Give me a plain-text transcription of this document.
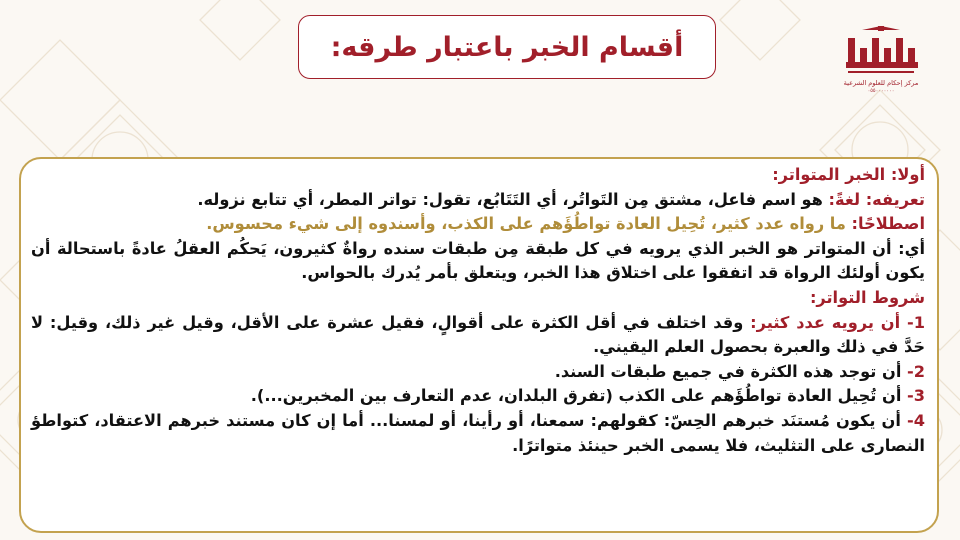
أقسام الخبر باعتبار طرقه:
مركز إحكام للعلوم الشرعية
٠٥٥٠٠٠٠٠٠٠

أولا: الخبر المتواتر:

تعريفه: لغةً: هو اسم فاعل، مشتق مِن التَواتُر، أي التَتَابُع، تقول: تواتر المطر، أي تتابع نزوله.

اصطلاحًا: ما رواه عدد كثير، تُحِيل العادة تواطُؤَهم على الكذب، وأسندوه إلى شيء محسوس.

أي: أن المتواتر هو الخبر الذي يرويه في كل طبقة مِن طبقات سنده رواةٌ كثيرون، يَحكُم العقلُ عادةً باستحالة أن يكون أولئك الرواة قد اتفقوا على اختلاق هذا الخبر، ويتعلق بأمر يُدرك بالحواس.

شروط التواتر:

1- أن يرويه عدد كثير: وقد اختلف في أقل الكثرة على أقوالٍ، فقيل عشرة على الأقل، وقيل غير ذلك، وقيل: لا حَدَّ في ذلك والعبرة بحصول العلم اليقيني.

2- أن توجد هذه الكثرة في جميع طبقات السند.

3- أن تُحِيل العادة تواطُؤَهم على الكذب (تفرق البلدان، عدم التعارف بين المخبرين...).

4- أن يكون مُستنَد خبرهم الحِسّ: كقولهم: سمعنا، أو رأينا، أو لمسنا... أما إن كان مستند خبرهم الاعتقاد، كتواطؤ النصارى على التثليث، فلا يسمى الخبر حينئذ متواترًا.
